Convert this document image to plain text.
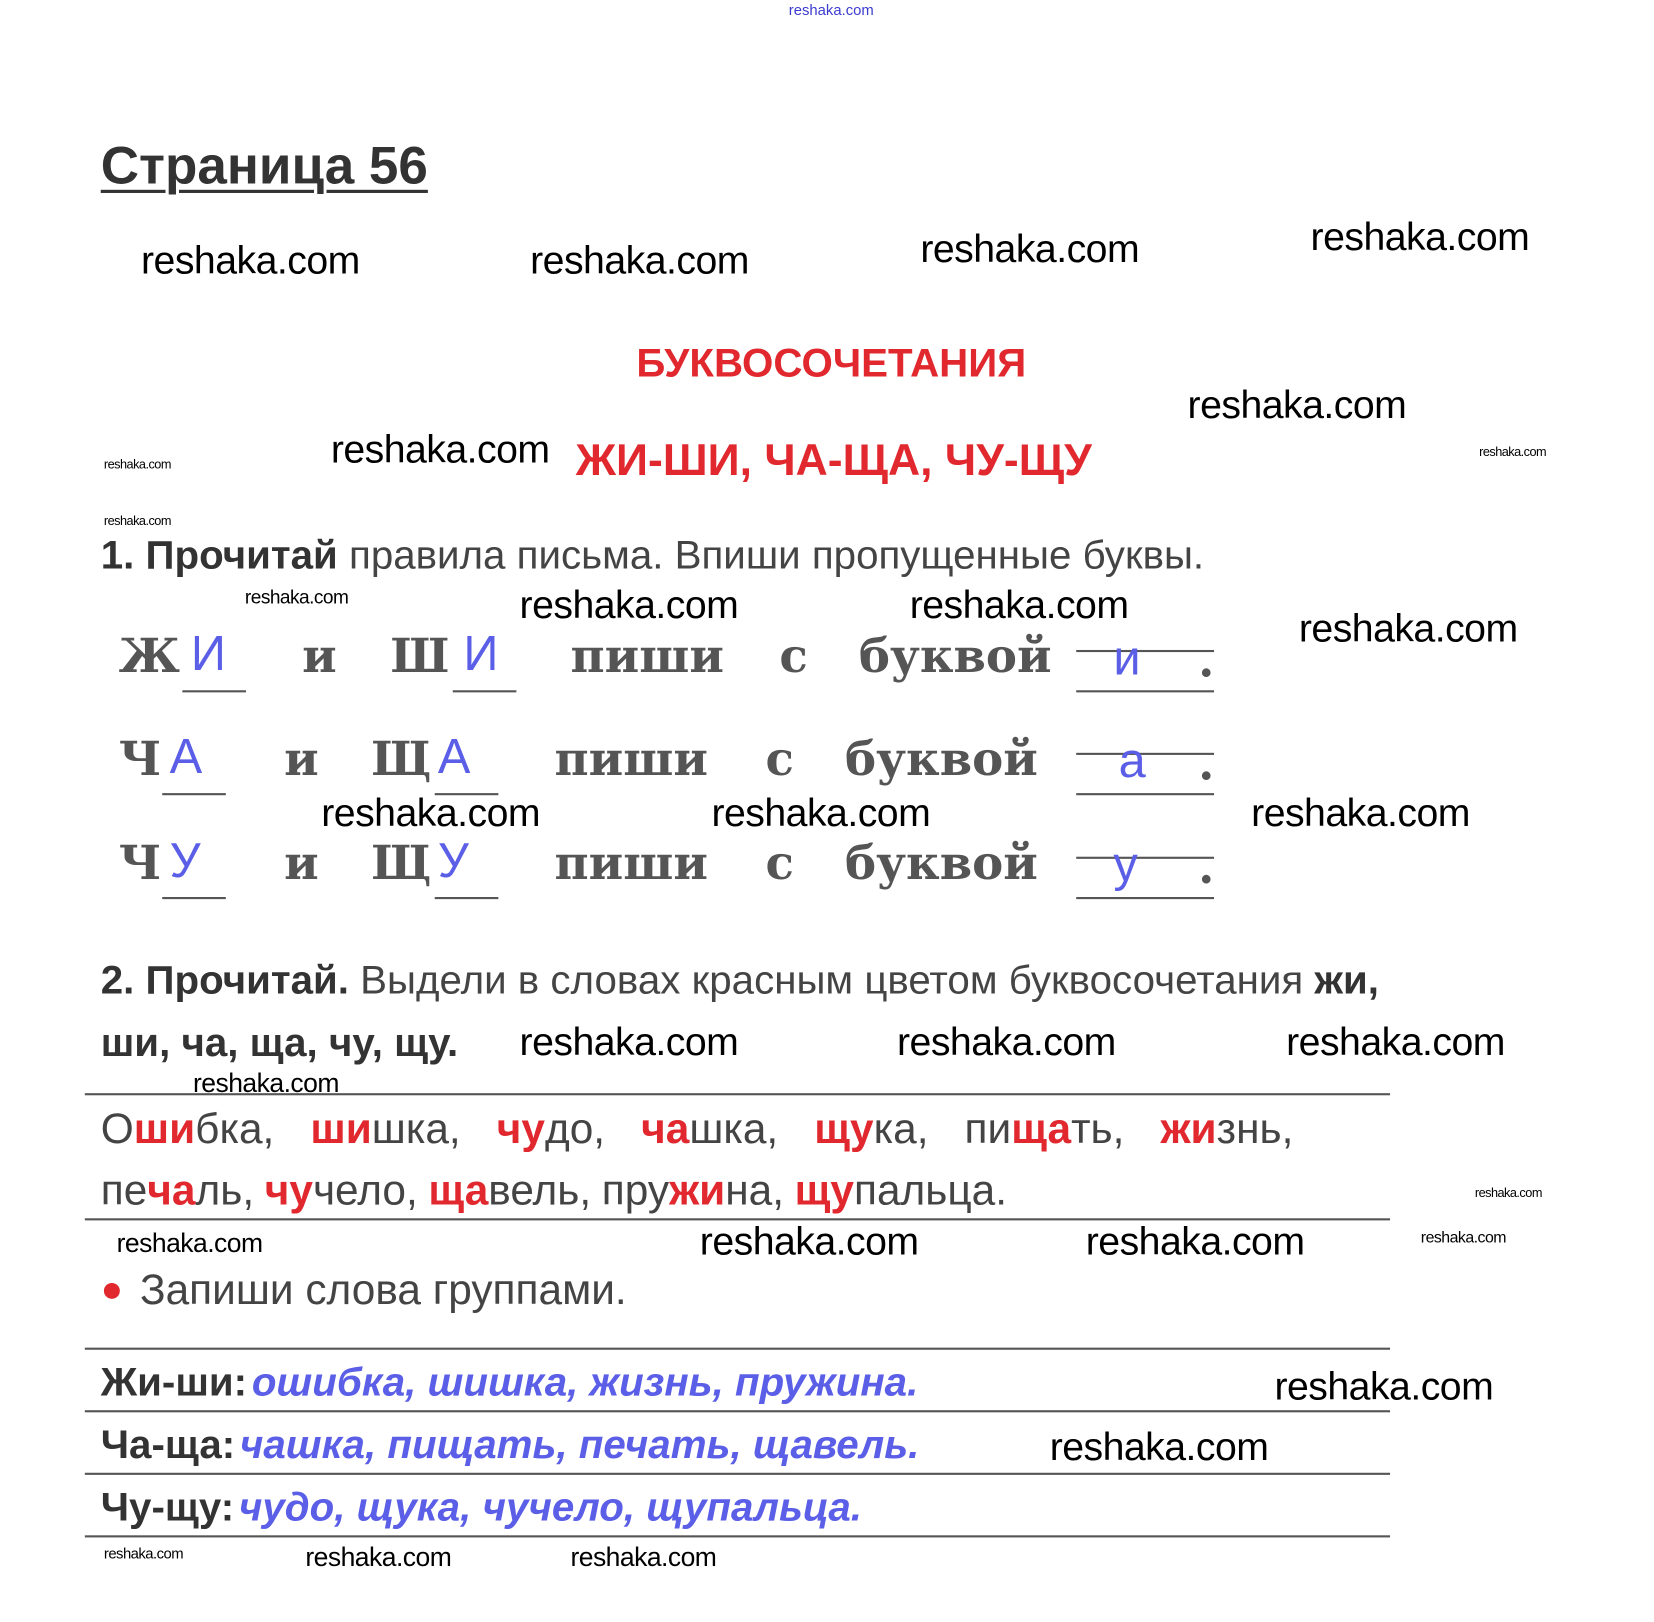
reshaka.com
Страница 56
БУКВОСОЧЕТАНИЯ
ЖИ-ШИ, ЧА-ЩА, ЧУ-ЩУ
1. Прочитай правила письма. Впиши пропущенные буквы.
2. Прочитай. Выдели в словах красным цветом буквосочетания жи,
ши, ча, ща, чу, щу.
Ошибка, шишка, чудо, чашка, щука, пищать, жизнь,
печаль, чучело, щавель, пружина, щупальца.
Запиши слова группами.
Жи-ши: ошибка, шишка, жизнь, пружина.
Ча-ща: чашка, пищать, печать, щавель.
Чу-щу: чудо, щука, чучело, щупальца.
reshaka.com	reshaka.com	reshaka.com	reshaka.com
reshaka.com
reshaka.com
reshaka.com
reshaka.com
reshaka.com
reshaka.com	reshaka.com	reshaka.com
reshaka.com
reshaka.com	reshaka.com	reshaka.com
reshaka.com
reshaka.com	reshaka.com	reshaka.com
reshaka.com
reshaka.com	reshaka.com
reshaka.com
reshaka.com
reshaka.com
reshaka.com
reshaka.com	reshaka.com
reshaka.com
Ж И и Ш И пиши с буквой и .
Ч А и Щ А пиши с буквой а .
Ч У и Щ У пиши с буквой у .
